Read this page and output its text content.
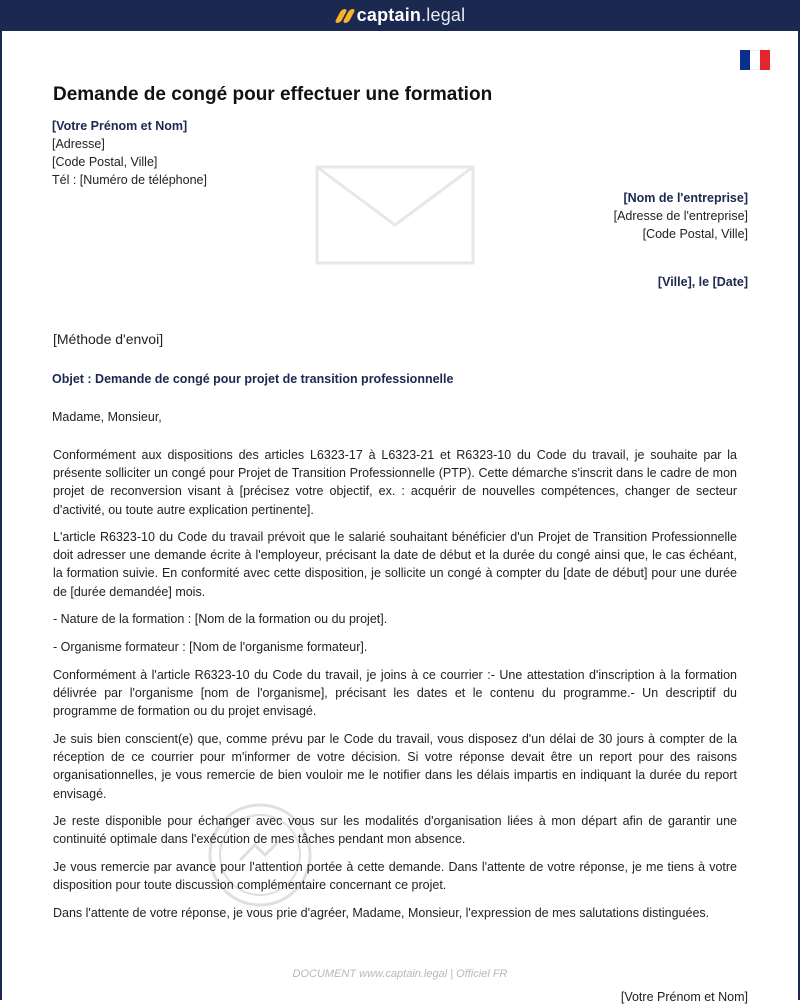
captain.legal
Demande de congé pour effectuer une formation
[Votre Prénom et Nom]
[Adresse]
[Code Postal, Ville]
Tél : [Numéro de téléphone]
[Nom de l'entreprise]
[Adresse de l'entreprise]
[Code Postal, Ville]
[Ville], le [Date]
[Méthode d'envoi]
Objet : Demande de congé pour projet de transition professionnelle
Madame, Monsieur,

Conformément aux dispositions des articles L6323-17 à L6323-21 et R6323-10 du Code du travail, je souhaite par la présente solliciter un congé pour Projet de Transition Professionnelle (PTP). Cette démarche s'inscrit dans le cadre de mon projet de reconversion visant à [précisez votre objectif, ex. : acquérir de nouvelles compétences, changer de secteur d'activité, ou toute autre explication pertinente].

L'article R6323-10 du Code du travail prévoit que le salarié souhaitant bénéficier d'un Projet de Transition Professionnelle doit adresser une demande écrite à l'employeur, précisant la date de début et la durée du congé ainsi que, le cas échéant, la formation suivie. En conformité avec cette disposition, je sollicite un congé à compter du [date de début] pour une durée de [durée demandée] mois.

- Nature de la formation : [Nom de la formation ou du projet].

- Organisme formateur : [Nom de l'organisme formateur].

Conformément à l'article R6323-10 du Code du travail, je joins à ce courrier :- Une attestation d'inscription à la formation délivrée par l'organisme [nom de l'organisme], précisant les dates et le contenu du programme.- Un descriptif du programme de formation ou du projet envisagé.

Je suis bien conscient(e) que, comme prévu par le Code du travail, vous disposez d'un délai de 30 jours à compter de la réception de ce courrier pour m'informer de votre décision. Si votre réponse devait être un report pour des raisons organisationnelles, je vous remercie de bien vouloir me le notifier dans les délais impartis en indiquant la durée du report envisagé.

Je reste disponible pour échanger avec vous sur les modalités d'organisation liées à mon départ afin de garantir une continuité optimale dans l'exécution de mes tâches pendant mon absence.

Je vous remercie par avance pour l'attention portée à cette demande. Dans l'attente de votre réponse, je me tiens à votre disposition pour toute discussion complémentaire concernant ce projet.

Dans l'attente de votre réponse, je vous prie d'agréer, Madame, Monsieur, l'expression de mes salutations distinguées.

DOCUMENT www.captain.legal | Officiel FR
[Votre Prénom et Nom]
